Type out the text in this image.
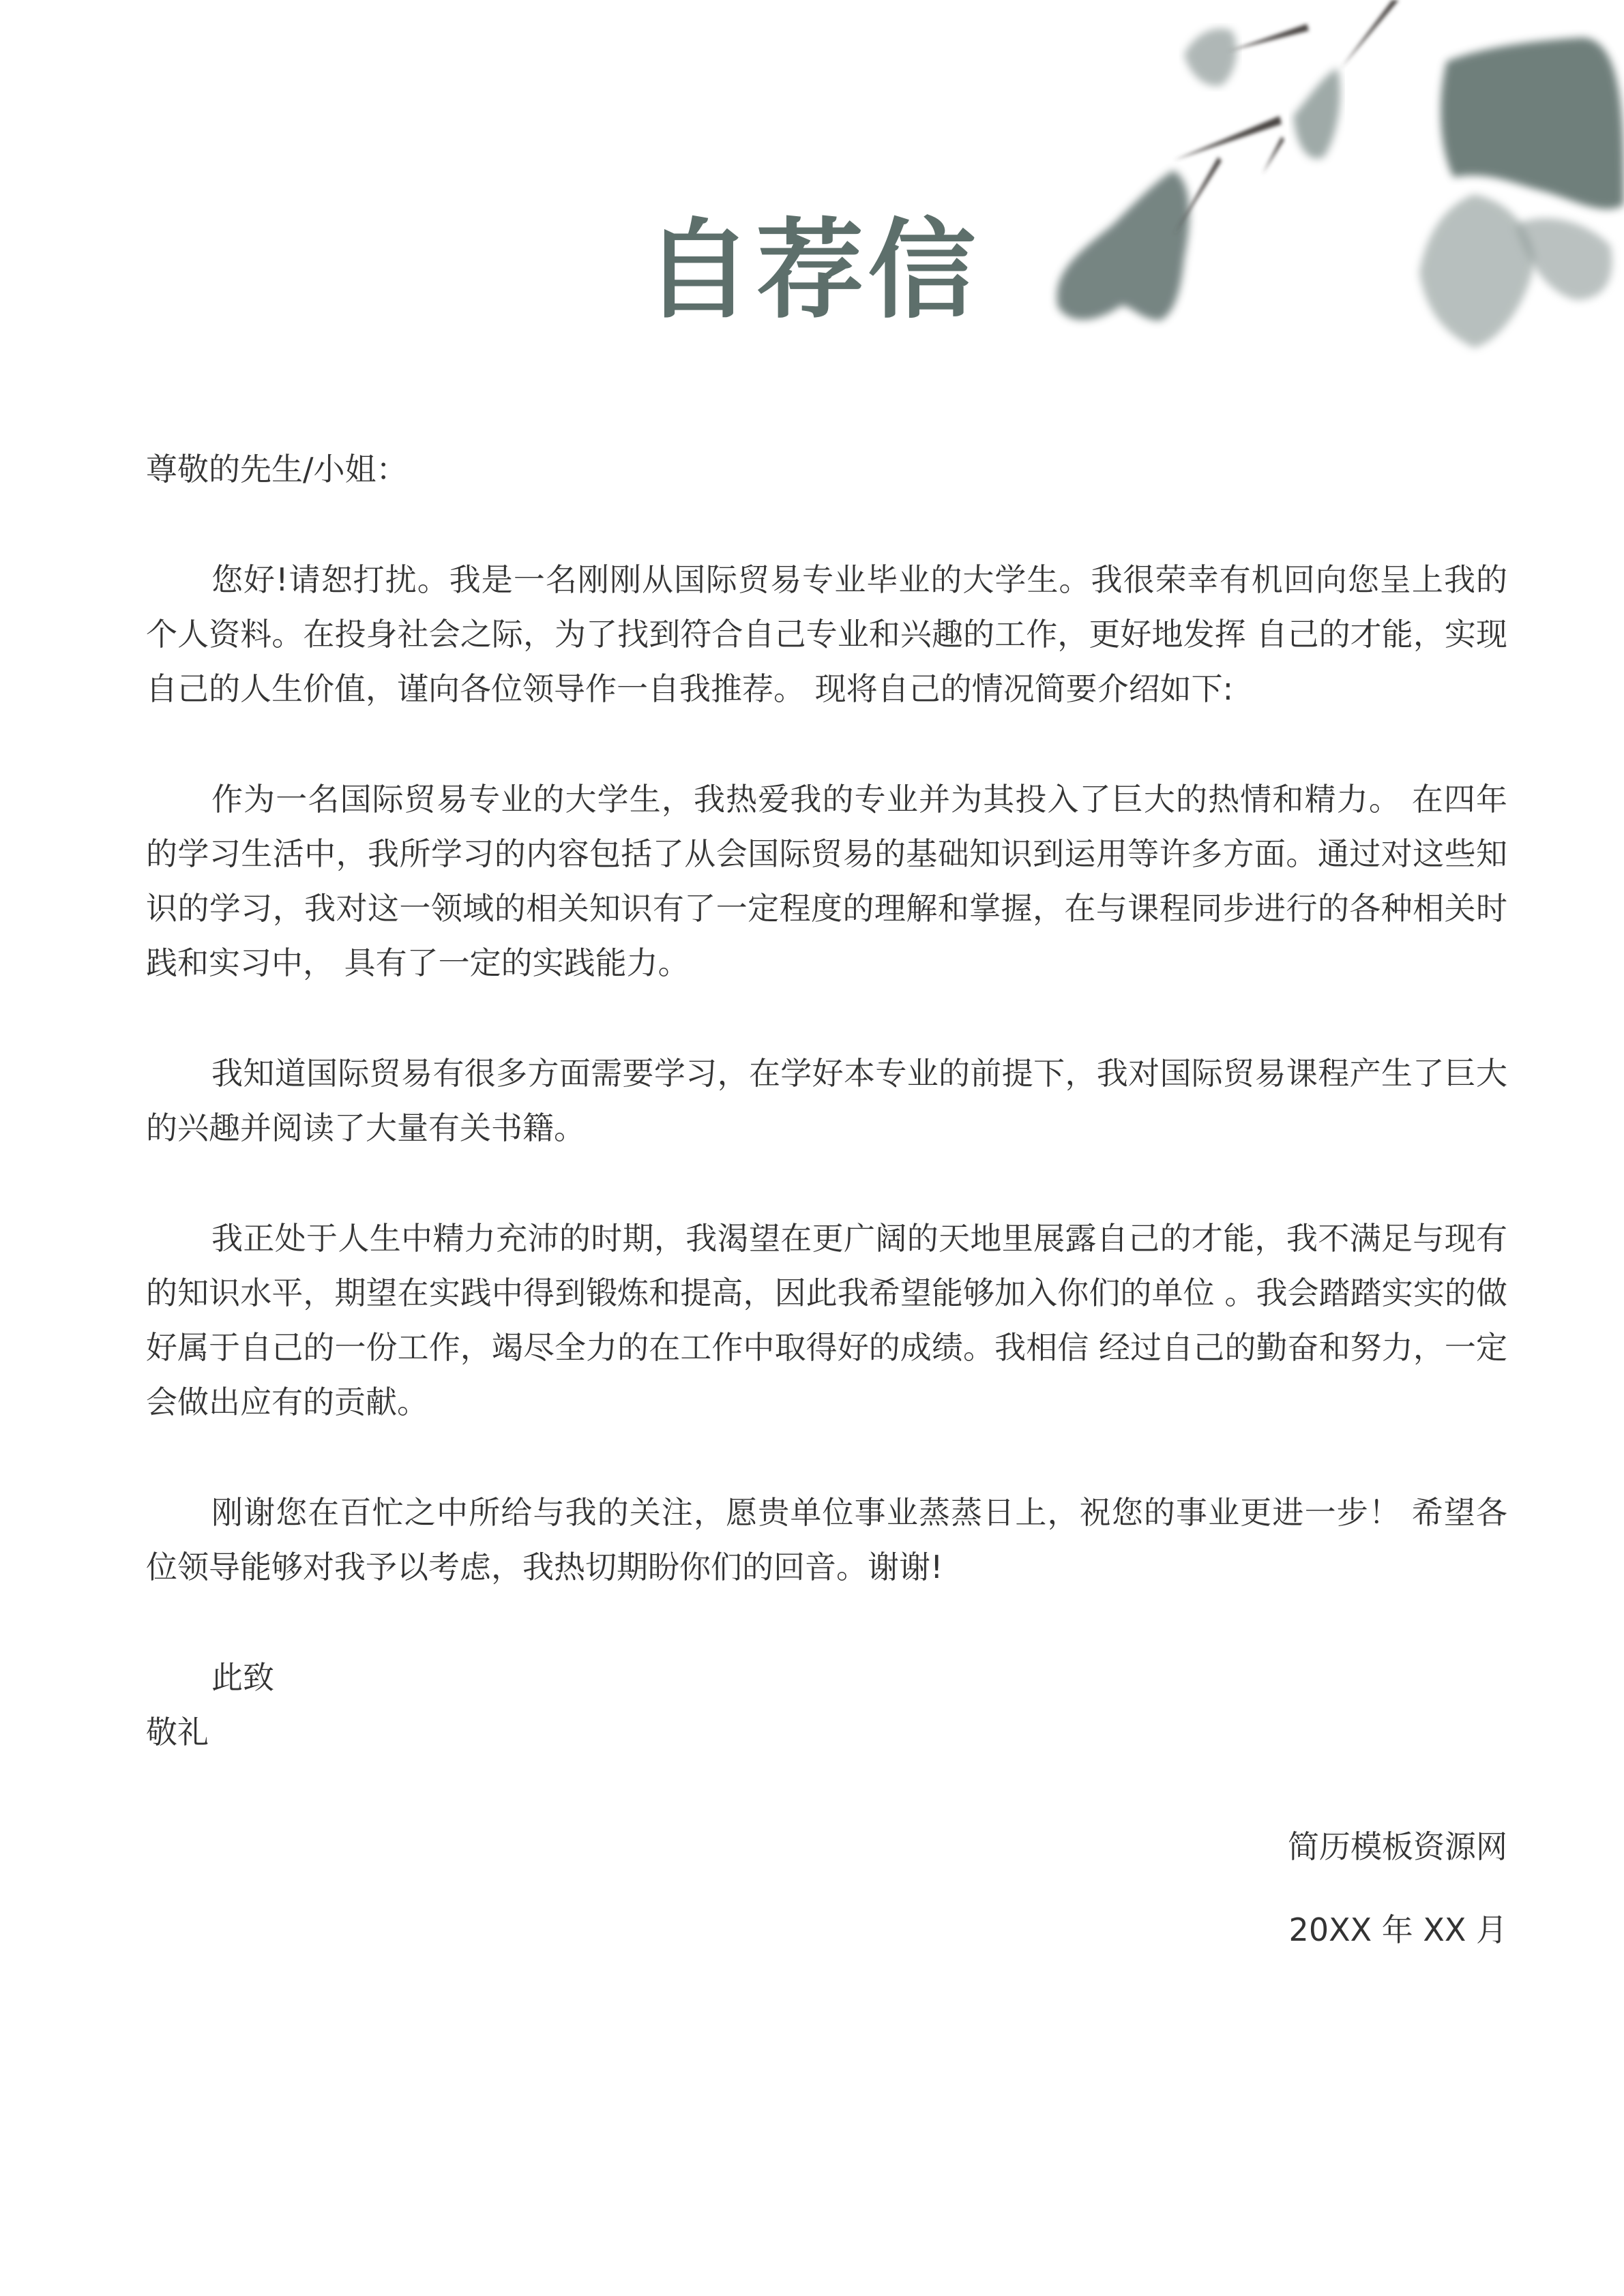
自荐信

尊敬的先生/小姐：

您好!请恕打扰。我是一名刚刚从国际贸易专业毕业的大学生。我很荣幸有机回向您呈上我的个人资料。在投身社会之际，为了找到符合自己专业和兴趣的工作，更好地发挥 自己的才能，实现自己的人生价值，谨向各位领导作一自我推荐。 现将自己的情况简要介绍如下:

作为一名国际贸易专业的大学生，我热爱我的专业并为其投入了巨大的热情和精力。 在四年的学习生活中，我所学习的内容包括了从会国际贸易的基础知识到运用等许多方面。通过对这些知识的学习，我对这一领域的相关知识有了一定程度的理解和掌握，在与课程同步进行的各种相关时践和实习中， 具有了一定的实践能力。

我知道国际贸易有很多方面需要学习，在学好本专业的前提下，我对国际贸易课程产生了巨大的兴趣并阅读了大量有关书籍。

我正处于人生中精力充沛的时期，我渴望在更广阔的天地里展露自己的才能，我不满足与现有的知识水平，期望在实践中得到锻炼和提高，因此我希望能够加入你们的单位 。我会踏踏实实的做好属于自己的一份工作，竭尽全力的在工作中取得好的成绩。我相信 经过自己的勤奋和努力，一定会做出应有的贡献。

刚谢您在百忙之中所给与我的关注，愿贵单位事业蒸蒸日上，祝您的事业更进一步！ 希望各位领导能够对我予以考虑，我热切期盼你们的回音。谢谢!

此致

敬礼

简历模板资源网

20XX 年 XX 月
